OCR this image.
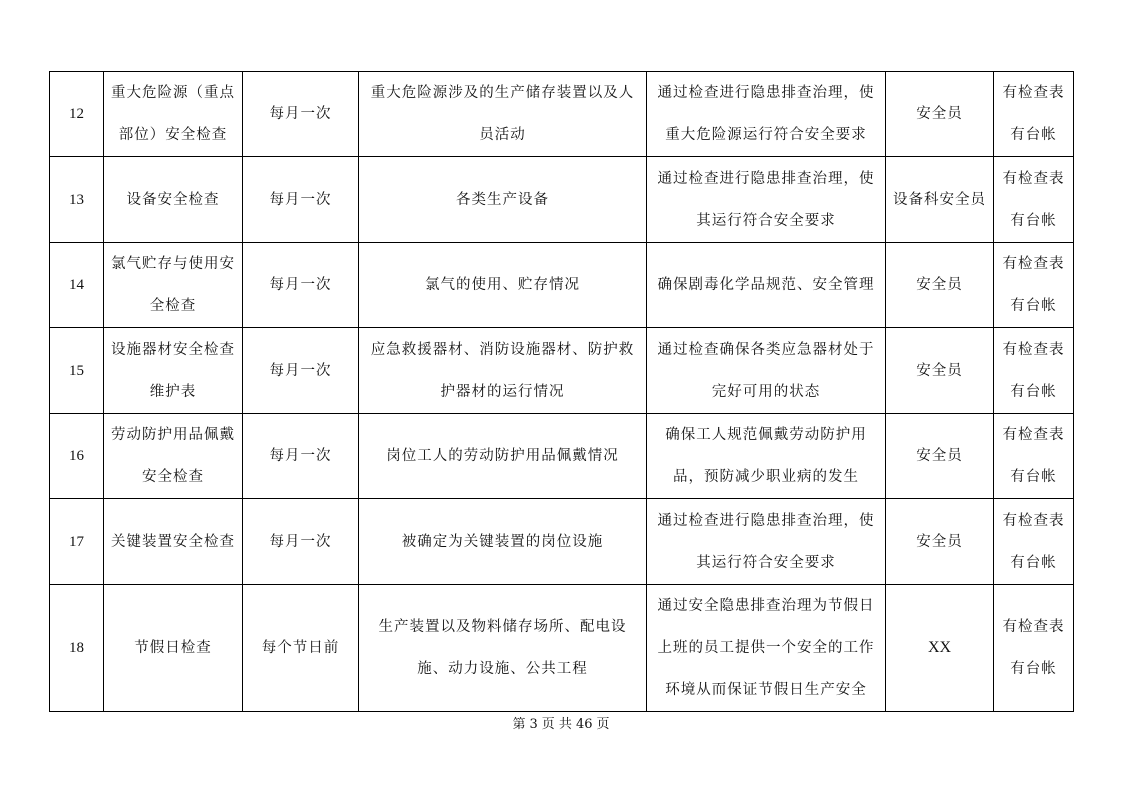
12	重大危险源（重点部位）安全检查	每月一次	重大危险源涉及的生产储存装置以及人员活动	通过检查进行隐患排查治理，使重大危险源运行符合安全要求	安全员	有检查表有台帐
13	设备安全检查	每月一次	各类生产设备	通过检查进行隐患排查治理，使其运行符合安全要求	设备科安全员	有检查表有台帐
14	氯气贮存与使用安全检查	每月一次	氯气的使用、贮存情况	确保剧毒化学品规范、安全管理	安全员	有检查表有台帐
15	设施器材安全检查维护表	每月一次	应急救援器材、消防设施器材、防护救护器材的运行情况	通过检查确保各类应急器材处于完好可用的状态	安全员	有检查表有台帐
16	劳动防护用品佩戴安全检查	每月一次	岗位工人的劳动防护用品佩戴情况	确保工人规范佩戴劳动防护用品，预防减少职业病的发生	安全员	有检查表有台帐
17	关键装置安全检查	每月一次	被确定为关键装置的岗位设施	通过检查进行隐患排查治理，使其运行符合安全要求	安全员	有检查表有台帐
18	节假日检查	每个节日前	生产装置以及物料储存场所、配电设施、动力设施、公共工程	通过安全隐患排查治理为节假日上班的员工提供一个安全的工作环境从而保证节假日生产安全	XX	有检查表有台帐
第 3 页 共 46 页
